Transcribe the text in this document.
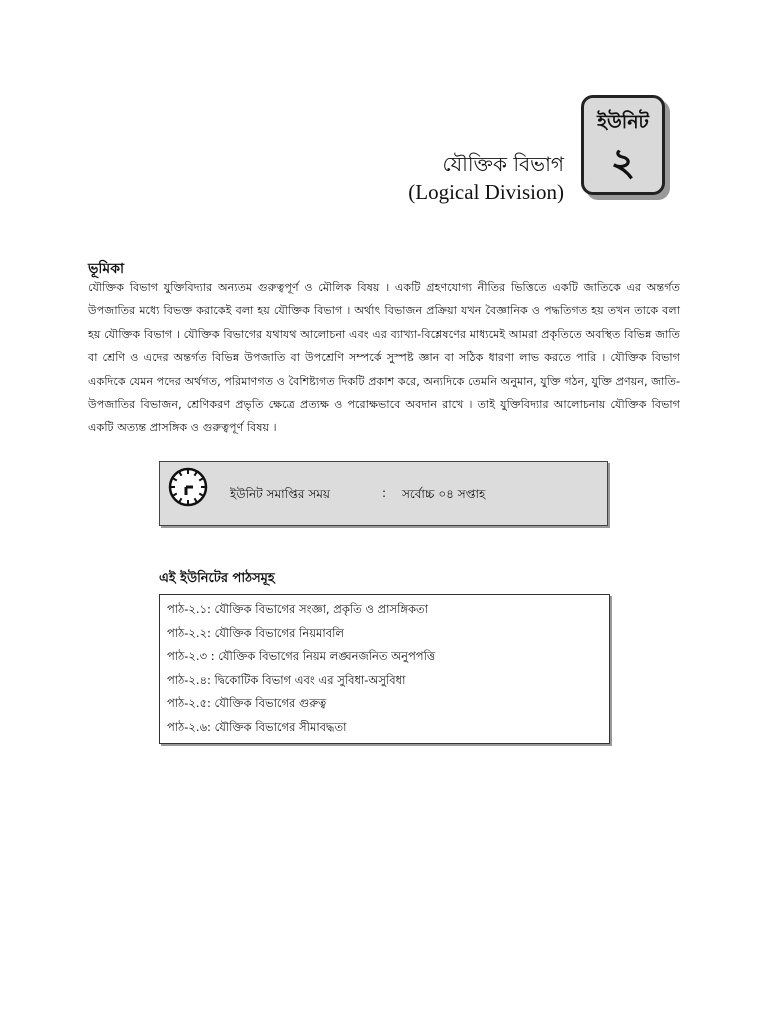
ইউনিট
২
যৌক্তিক বিভাগ
(Logical Division)
ভূমিকা
যৌক্তিক বিভাগ যুক্তিবিদ্যার অন্যতম গুরুত্বপূর্ণ ও মৌলিক বিষয় । একটি গ্রহণযোগ্য নীতির ভিত্তিতে একটি জাতিকে এর অন্তর্গত উপজাতির মধ্যে বিভক্ত করাকেই বলা হয় যৌক্তিক বিভাগ । অর্থাৎ বিভাজন প্রক্রিয়া যখন বৈজ্ঞানিক ও পদ্ধতিগত হয় তখন তাকে বলা হয় যৌক্তিক বিভাগ । যৌক্তিক বিভাগের যথাযথ আলোচনা এবং এর ব্যাখ্যা-বিশ্লেষণের মাধ্যমেই আমরা প্রকৃতিতে অবস্থিত বিভিন্ন জাতি বা শ্রেণি ও এদের অন্তর্গত বিভিন্ন উপজাতি বা উপশ্রেণি সম্পর্কে সুস্পষ্ট জ্ঞান বা সঠিক ধারণা লাভ করতে পারি । যৌক্তিক বিভাগ একদিকে যেমন পদের অর্থগত, পরিমাণগত ও বৈশিষ্ট্যগত দিকটি প্রকাশ করে, অন্যদিকে তেমনি অনুমান, যুক্তি গঠন, যুক্তি প্রণয়ন, জাতি-উপজাতির বিভাজন, শ্রেণিকরণ প্রভৃতি ক্ষেত্রে প্রত্যক্ষ ও পরোক্ষভাবে অবদান রাখে । তাই যুক্তিবিদ্যার আলোচনায় যৌক্তিক বিভাগ একটি অত্যন্ত প্রাসঙ্গিক ও গুরুত্বপূর্ণ বিষয় ।
ইউনিট সমাপ্তির সময়	: সর্বোচ্চ ০৪ সপ্তাহ
এই ইউনিটের পাঠসমূহ
পাঠ-২.১: যৌক্তিক বিভাগের সংজ্ঞা, প্রকৃতি ও প্রাসঙ্গিকতা
পাঠ-২.২: যৌক্তিক বিভাগের নিয়মাবলি
পাঠ-২.৩ : যৌক্তিক বিভাগের নিয়ম লঙ্ঘনজনিত অনুপপত্তি
পাঠ-২.৪: দ্বিকোটিক বিভাগ এবং এর সুবিধা-অসুবিধা
পাঠ-২.৫: যৌক্তিক বিভাগের গুরুত্ব
পাঠ-২.৬: যৌক্তিক বিভাগের সীমাবদ্ধতা
